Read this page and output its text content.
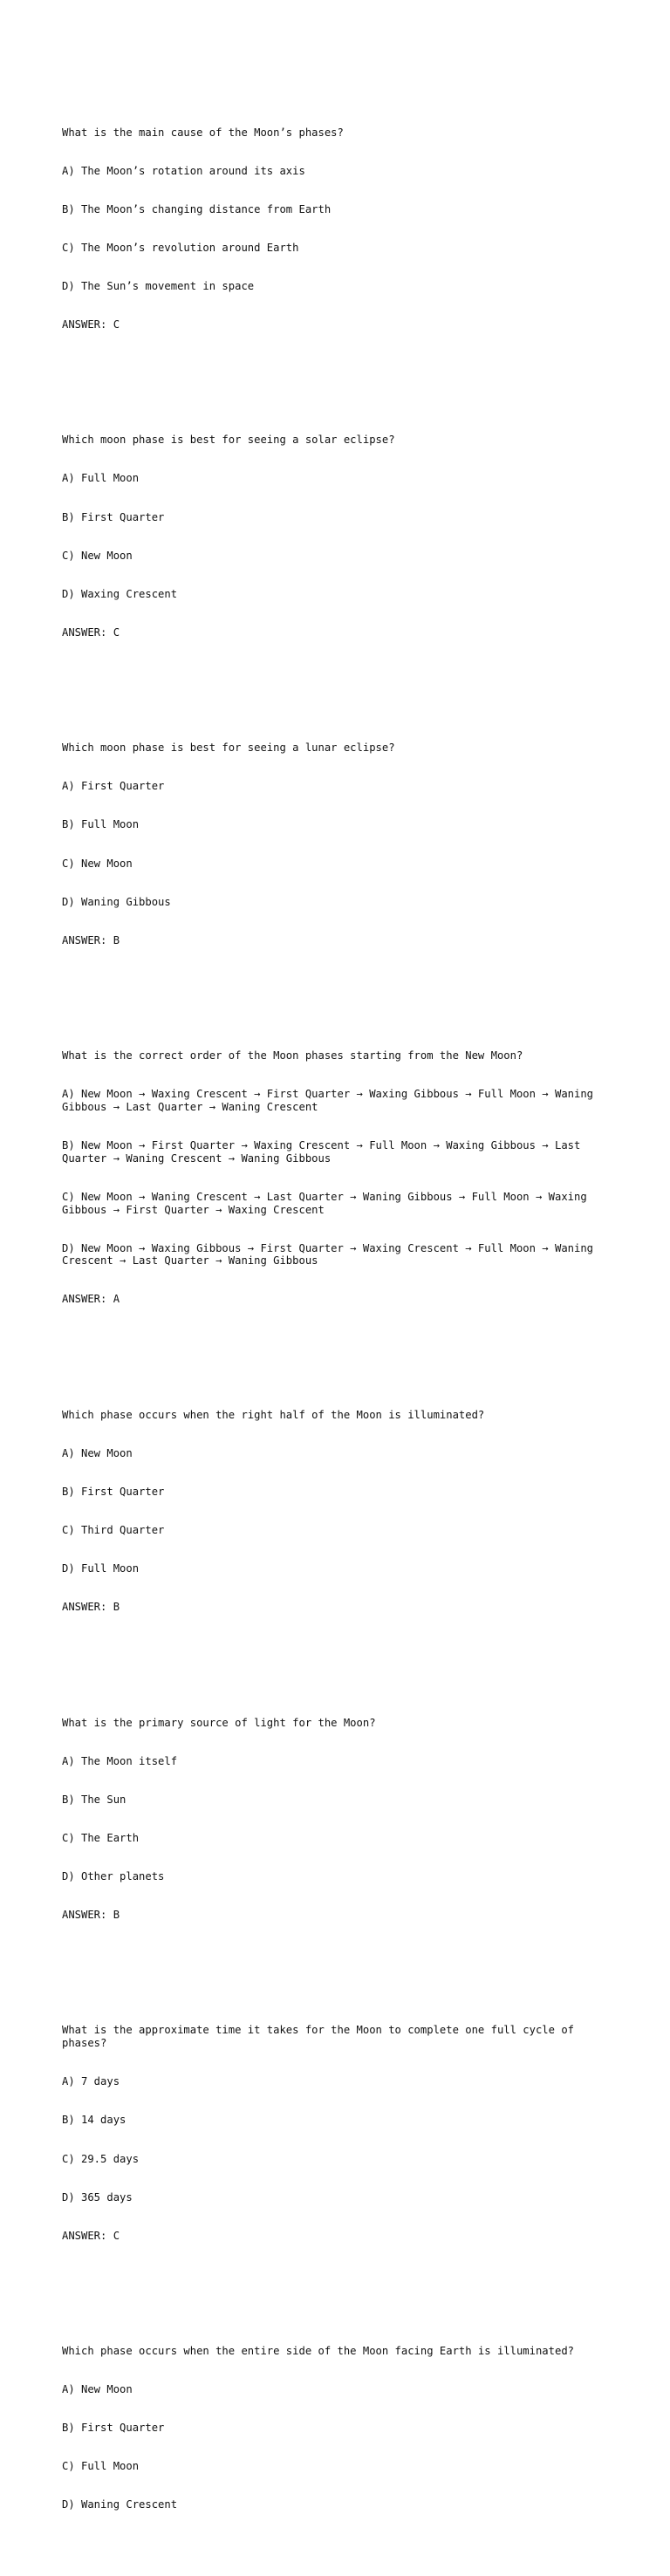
What is the main cause of the Moon’s phases?

A) The Moon’s rotation around its axis

B) The Moon’s changing distance from Earth

C) The Moon’s revolution around Earth

D) The Sun’s movement in space

ANSWER: C

Which moon phase is best for seeing a solar eclipse?

A) Full Moon

B) First Quarter

C) New Moon

D) Waxing Crescent

ANSWER: C

Which moon phase is best for seeing a lunar eclipse?

A) First Quarter

B) Full Moon

C) New Moon

D) Waning Gibbous

ANSWER: B

What is the correct order of the Moon phases starting from the New Moon?

A) New Moon → Waxing Crescent → First Quarter → Waxing Gibbous → Full Moon → Waning Gibbous → Last Quarter → Waning Crescent

B) New Moon → First Quarter → Waxing Crescent → Full Moon → Waxing Gibbous → Last Quarter → Waning Crescent → Waning Gibbous

C) New Moon → Waning Crescent → Last Quarter → Waning Gibbous → Full Moon → Waxing Gibbous → First Quarter → Waxing Crescent

D) New Moon → Waxing Gibbous → First Quarter → Waxing Crescent → Full Moon → Waning Crescent → Last Quarter → Waning Gibbous

ANSWER: A

Which phase occurs when the right half of the Moon is illuminated?

A) New Moon

B) First Quarter

C) Third Quarter

D) Full Moon

ANSWER: B

What is the primary source of light for the Moon?

A) The Moon itself

B) The Sun

C) The Earth

D) Other planets

ANSWER: B

What is the approximate time it takes for the Moon to complete one full cycle of phases?

A) 7 days

B) 14 days

C) 29.5 days

D) 365 days

ANSWER: C

Which phase occurs when the entire side of the Moon facing Earth is illuminated?

A) New Moon

B) First Quarter

C) Full Moon

D) Waning Crescent
